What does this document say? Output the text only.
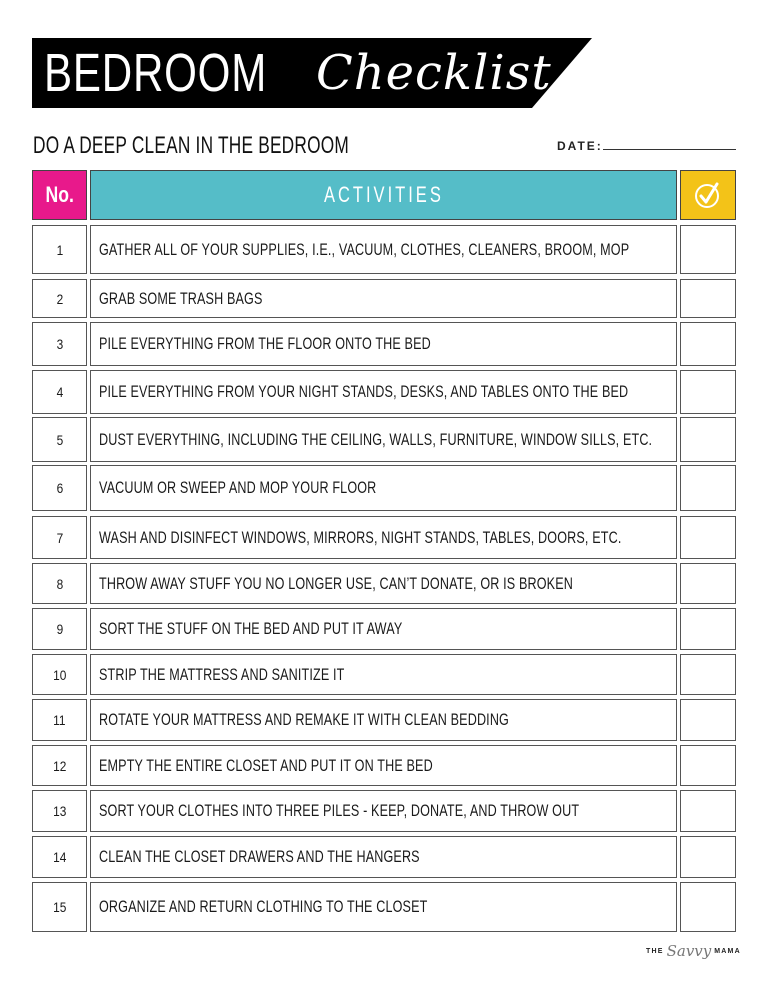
BEDROOM	Checklist
DO A DEEP CLEAN IN THE BEDROOM	DATE:
No.	ACTIVITIES
1 GATHER ALL OF YOUR SUPPLIES, I.E., VACUUM, CLOTHES, CLEANERS, BROOM, MOP
2 GRAB SOME TRASH BAGS
3 PILE EVERYTHING FROM THE FLOOR ONTO THE BED
4 PILE EVERYTHING FROM YOUR NIGHT STANDS, DESKS, AND TABLES ONTO THE BED
5 DUST EVERYTHING, INCLUDING THE CEILING, WALLS, FURNITURE, WINDOW SILLS, ETC.
6 VACUUM OR SWEEP AND MOP YOUR FLOOR
7 WASH AND DISINFECT WINDOWS, MIRRORS, NIGHT STANDS, TABLES, DOORS, ETC.
8 THROW AWAY STUFF YOU NO LONGER USE, CAN’T DONATE, OR IS BROKEN
9 SORT THE STUFF ON THE BED AND PUT IT AWAY
10 STRIP THE MATTRESS AND SANITIZE IT
11 ROTATE YOUR MATTRESS AND REMAKE IT WITH CLEAN BEDDING
12 EMPTY THE ENTIRE CLOSET AND PUT IT ON THE BED
13 SORT YOUR CLOTHES INTO THREE PILES - KEEP, DONATE, AND THROW OUT
14 CLEAN THE CLOSET DRAWERS AND THE HANGERS
15 ORGANIZE AND RETURN CLOTHING TO THE CLOSET
THE Savvy MAMA
